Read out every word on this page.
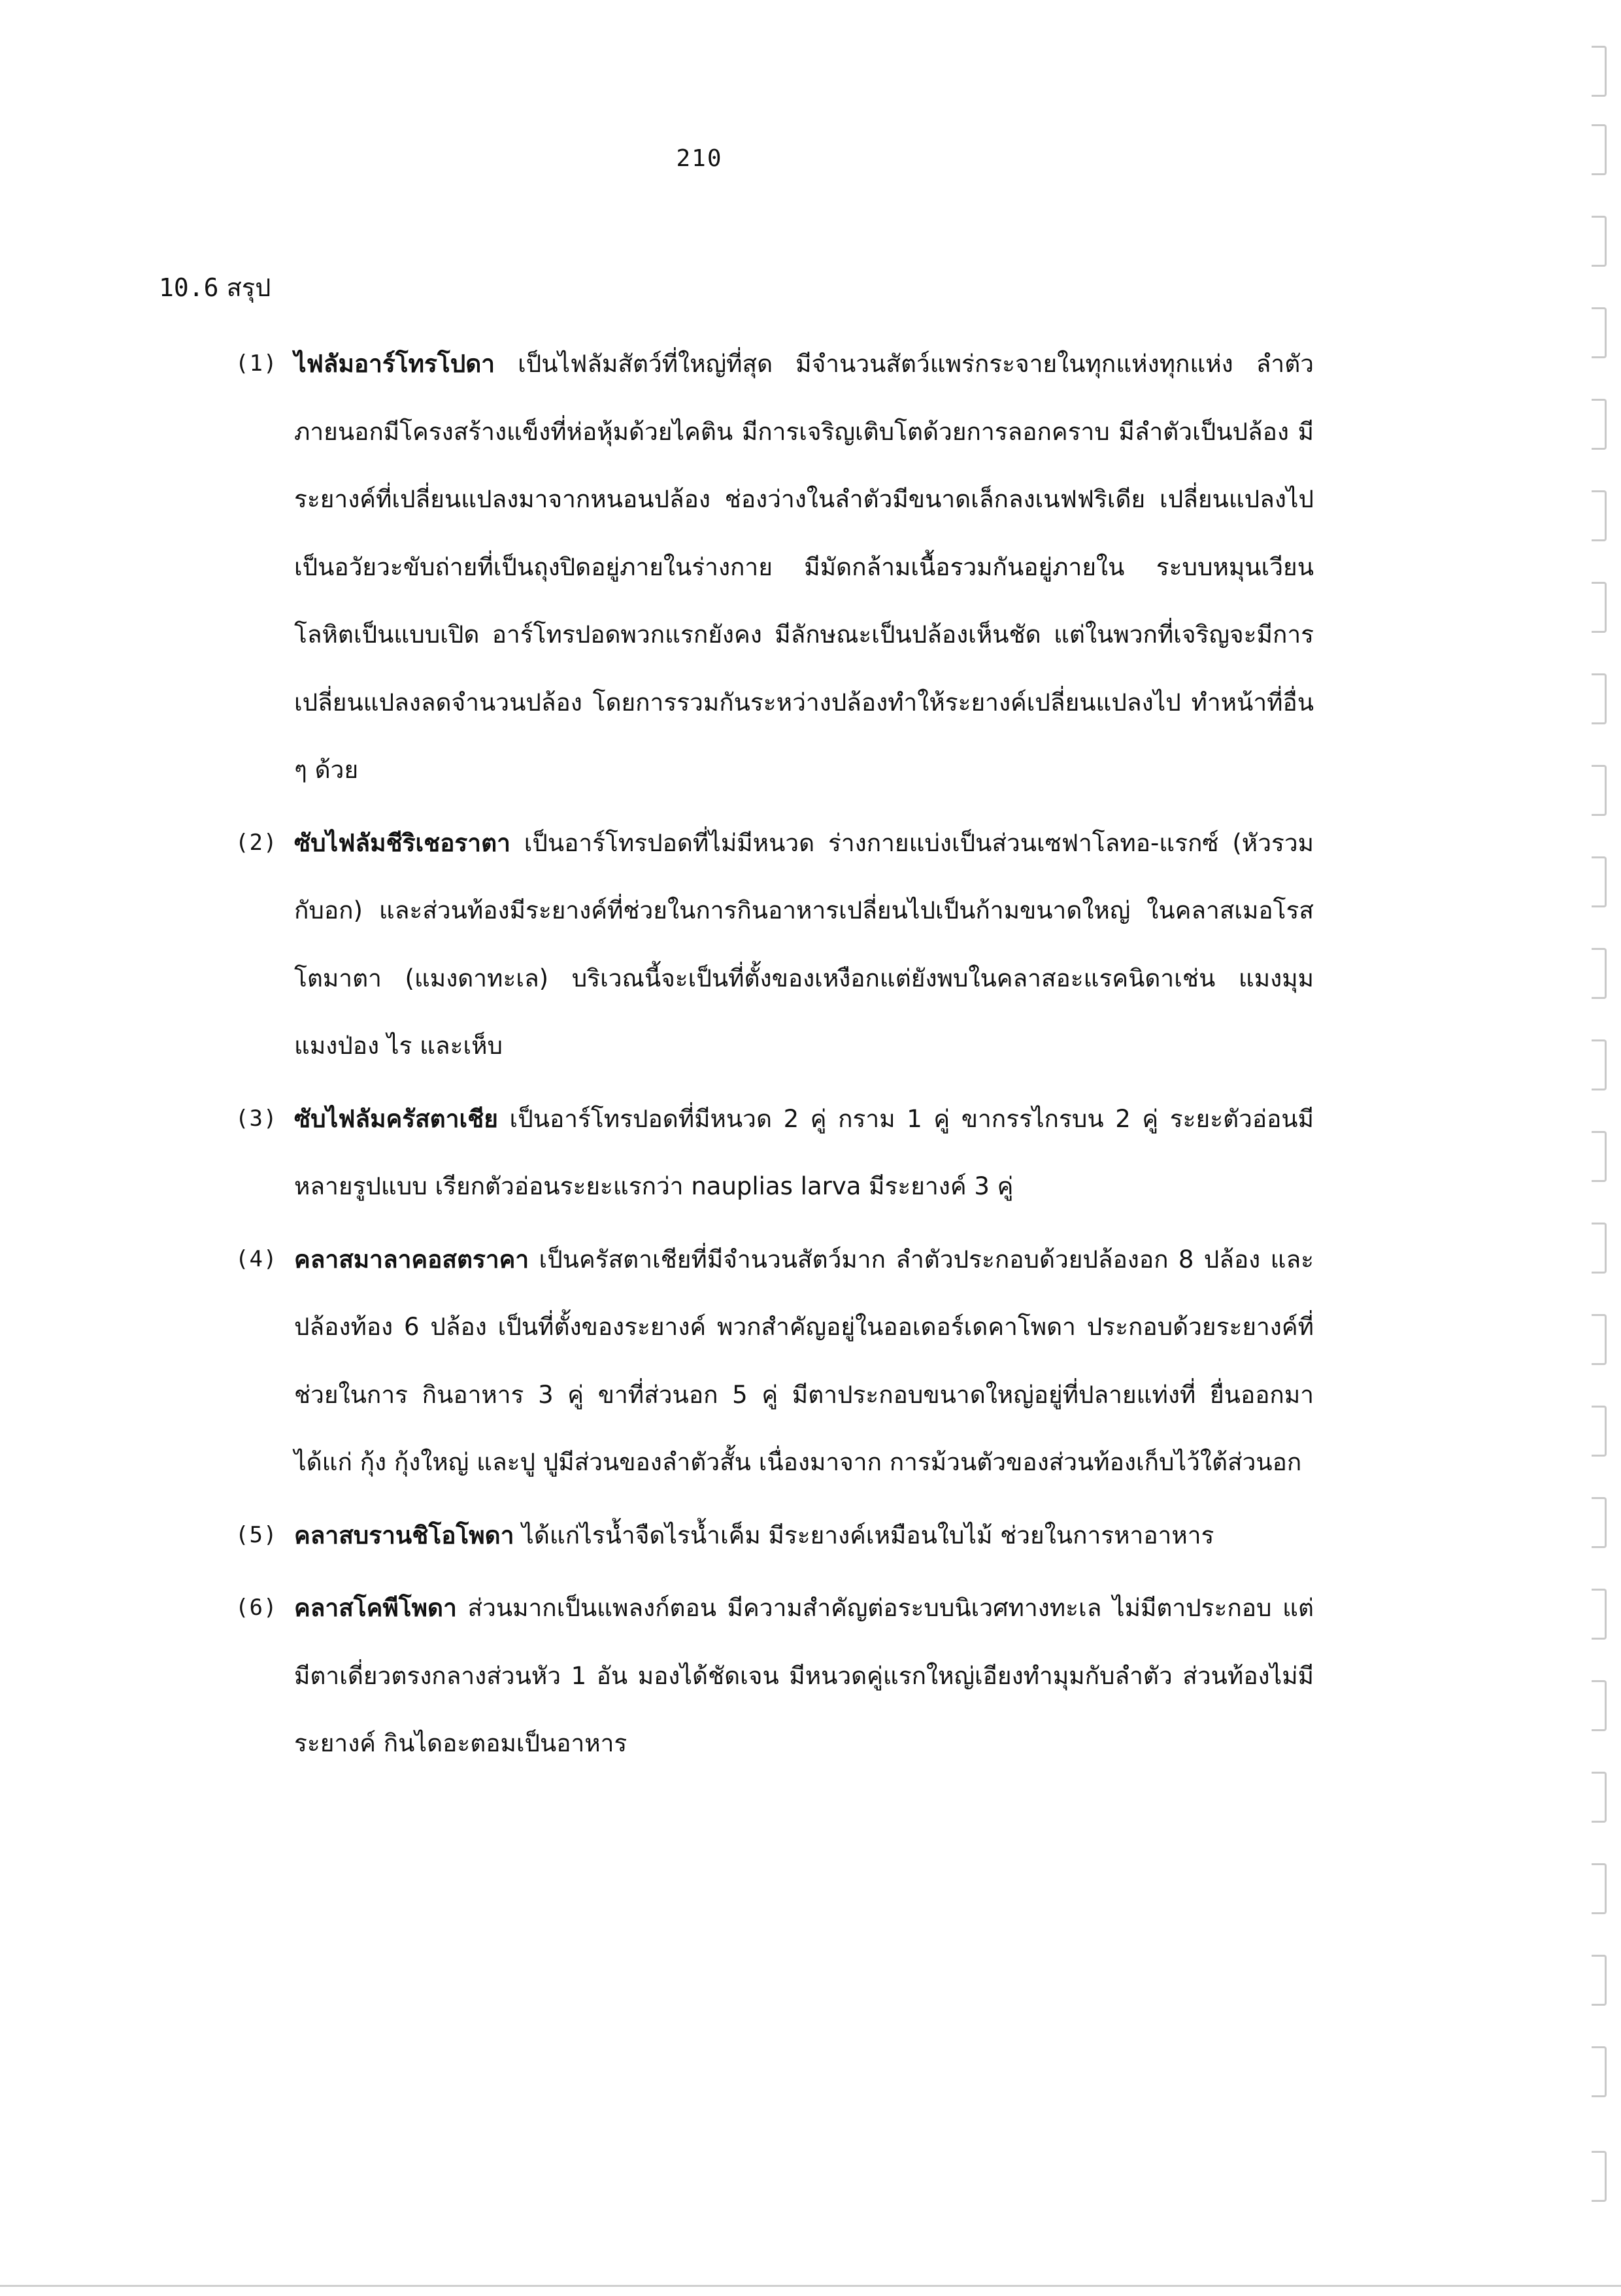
210
10.6 สรุป
(1) ไฟลัมอาร์โทรโปดา เป็นไฟลัมสัตว์ที่ใหญ่ที่สุด มีจำนวนสัตว์แพร่กระจายในทุกแห่งทุกแห่ง ลำตัวภายนอกมีโครงสร้างแข็งที่ห่อหุ้มด้วยไคติน มีการเจริญเติบโตด้วยการลอกคราบ มีลำตัวเป็นปล้อง มีระยางค์ที่เปลี่ยนแปลงมาจากหนอนปล้อง ช่องว่างในลำตัวมีขนาดเล็กลงเนฟฟริเดีย เปลี่ยนแปลงไปเป็นอวัยวะขับถ่ายที่เป็นถุงปิดอยู่ภายในร่างกาย มีมัดกล้ามเนื้อรวมกันอยู่ภายใน ระบบหมุนเวียนโลหิตเป็นแบบเปิด อาร์โทรปอดพวกแรกยังคง มีลักษณะเป็นปล้องเห็นชัด แต่ในพวกที่เจริญจะมีการเปลี่ยนแปลงลดจำนวนปล้อง โดยการรวมกันระหว่างปล้องทำให้ระยางค์เปลี่ยนแปลงไป ทำหน้าที่อื่น ๆ ด้วย

(2) ซับไฟลัมชีริเชอราตา เป็นอาร์โทรปอดที่ไม่มีหนวด ร่างกายแบ่งเป็นส่วนเซฟาโลทอ-แรกซ์ (หัวรวมกับอก) และส่วนท้องมีระยางค์ที่ช่วยในการกินอาหารเปลี่ยนไปเป็นก้ามขนาดใหญ่ ในคลาสเมอโรสโตมาตา (แมงดาทะเล) บริเวณนี้จะเป็นที่ตั้งของเหงือกแต่ยังพบในคลาสอะแรคนิดาเช่น แมงมุม แมงป่อง ไร และเห็บ

(3) ซับไฟลัมครัสตาเชีย เป็นอาร์โทรปอดที่มีหนวด 2 คู่ กราม 1 คู่ ขากรรไกรบน 2 คู่ ระยะตัวอ่อนมีหลายรูปแบบ เรียกตัวอ่อนระยะแรกว่า nauplias larva มีระยางค์ 3 คู่

(4) คลาสมาลาคอสตราคา เป็นครัสตาเชียที่มีจำนวนสัตว์มาก ลำตัวประกอบด้วยปล้องอก 8 ปล้อง และปล้องท้อง 6 ปล้อง เป็นที่ตั้งของระยางค์ พวกสำคัญอยู่ในออเดอร์เดคาโพดา ประกอบด้วยระยางค์ที่ช่วยในการ กินอาหาร 3 คู่ ขาที่ส่วนอก 5 คู่ มีตาประกอบขนาดใหญ่อยู่ที่ปลายแท่งที่ ยื่นออกมาได้แก่ กุ้ง กุ้งใหญ่ และปู ปูมีส่วนของลำตัวสั้น เนื่องมาจาก การม้วนตัวของส่วนท้องเก็บไว้ใต้ส่วนอก

(5) คลาสบรานชิโอโพดา ได้แก่ไรน้ำจืดไรน้ำเค็ม มีระยางค์เหมือนใบไม้ ช่วยในการหาอาหาร

(6) คลาสโคพีโพดา ส่วนมากเป็นแพลงก์ตอน มีความสำคัญต่อระบบนิเวศทางทะเล ไม่มีตาประกอบ แต่มีตาเดี่ยวตรงกลางส่วนหัว 1 อัน มองได้ชัดเจน มีหนวดคู่แรกใหญ่เอียงทำมุมกับลำตัว ส่วนท้องไม่มีระยางค์ กินไดอะตอมเป็นอาหาร
